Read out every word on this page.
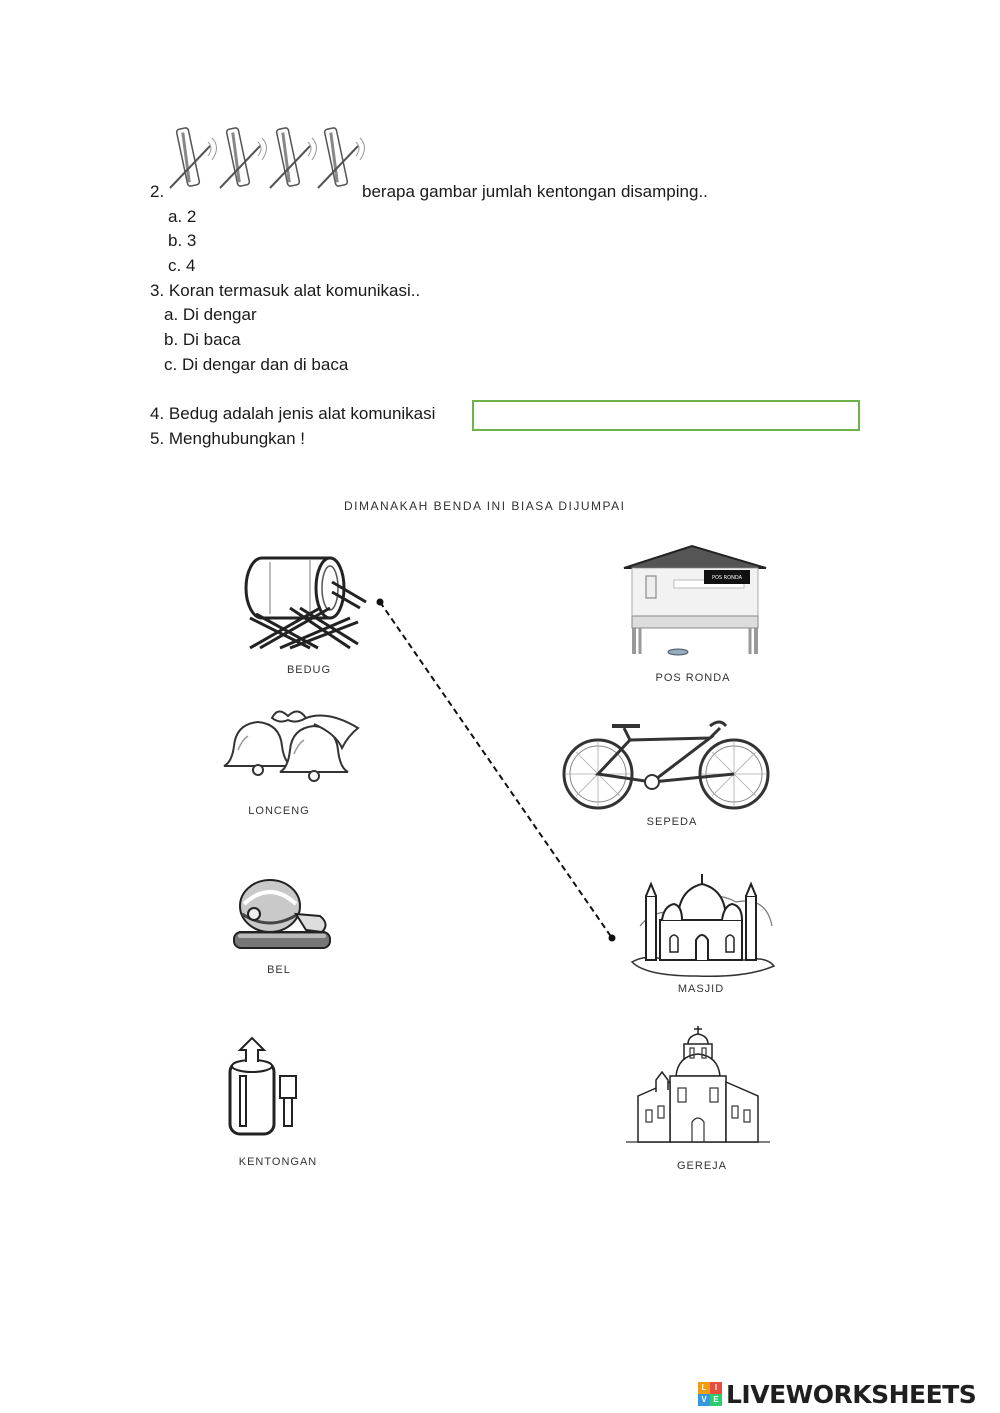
2.	berapa gambar jumlah kentongan disamping..
a. 2
b. 3
c. 4
3. Koran termasuk alat komunikasi..
a. Di dengar
b. Di baca
c. Di dengar dan di baca
4. Bedug adalah jenis alat komunikasi
5. Menghubungkan !
DIMANAKAH BENDA INI BIASA DIJUMPAI
BEDUG
LONCENG
BEL
KENTONGAN
POS RONDA
POS RONDA
SEPEDA
MASJID
GEREJA
L	I
V E LIVEWORKSHEETS
